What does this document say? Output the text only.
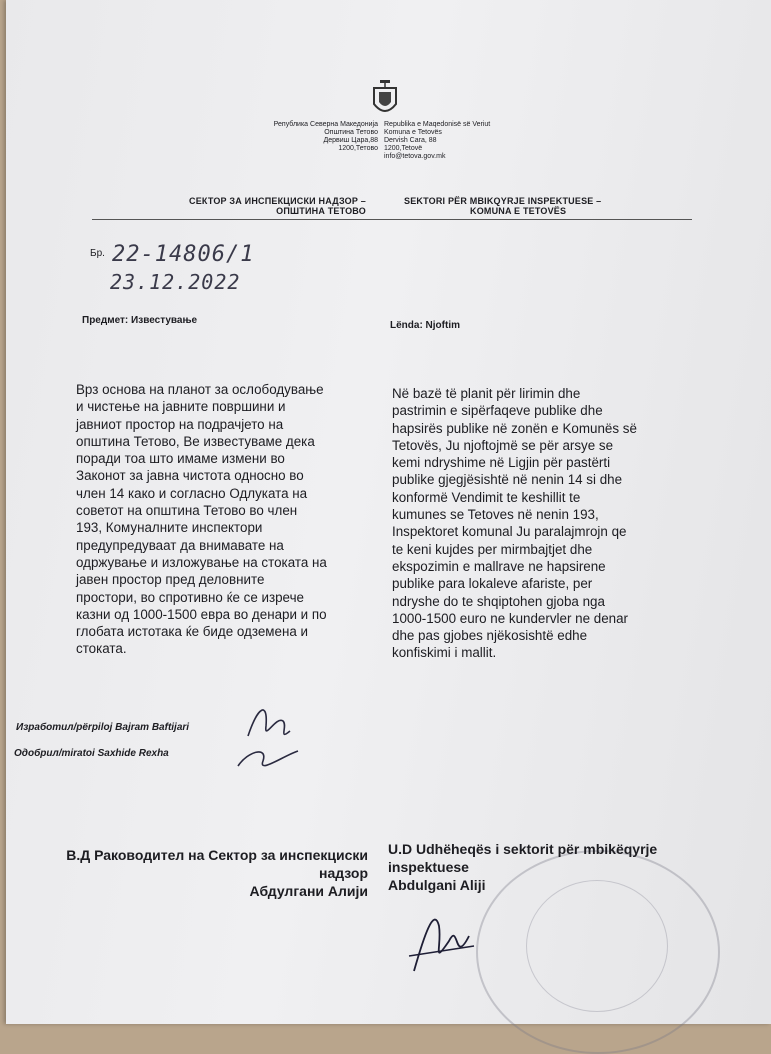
Република Северна Македонија
Општина Тетово
Дервиш Цара,88
1200,Тетово
Republika e Maqedonisë së Veriut
Komuna e Tetovës
Dervish Cara, 88
1200,Tetovë
info@tetova.gov.mk
СЕКТОР ЗА ИНСПЕКЦИСКИ НАДЗОР –
ОПШТИНА ТЕТОВО
SEKTORI PËR MBIKQYRJE INSPEKTUESE –
KOMUNA E TETOVËS
Бр. 22-14806/1
23.12.2022
Предмет: Известување	Lënda: Njoftim
Врз основа на планот за ослободување
и чистење на јавните површини и
јавниот простор на подрачјето на
општина Тетово, Ве известуваме дека
поради тоа што имаме измени во
Законот за јавна чистота односно во
член 14 како и согласно Одлуката на
советот на општина Тетово во член
193, Комуналните инспектори
предупредуваат да внимавате на
одржување и изложување на стоката на
јавен простор пред деловните
простори, во спротивно ќе се изрече
казни од 1000-1500 евра во денари и по
глобата истотака ќе биде одземена и
стоката.
Në bazë të planit për lirimin dhe
pastrimin e sipërfaqeve publike dhe
hapsirës publike në zonën e Komunës së
Tetovës, Ju njoftojmë se për arsye se
kemi ndryshime në Ligjin për pastërti
publike gjegjësishtë në nenin 14 si dhe
konformë Vendimit te keshillit te
kumunes se Tetoves në nenin 193,
Inspektoret komunal Ju paralajmrojn qe
te keni kujdes per mirmbajtjet dhe
ekspozimin e mallrave ne hapsirene
publike para lokaleve afariste, per
ndryshe do te shqiptohen gjoba nga
1000-1500 euro ne kundervler ne denar
dhe pas gjobes njëkosishtë edhe
konfiskimi i mallit.
Изработил/përpiloj Bajram Baftijari
Одобрил/miratoi Saxhide Rexha
В.Д Раководител на Сектор за инспекциски
надзор
Абдулгани Алији
U.D Udhëheqës i sektorit për mbikëqyrje
inspektuese
Abdulgani Aliji
